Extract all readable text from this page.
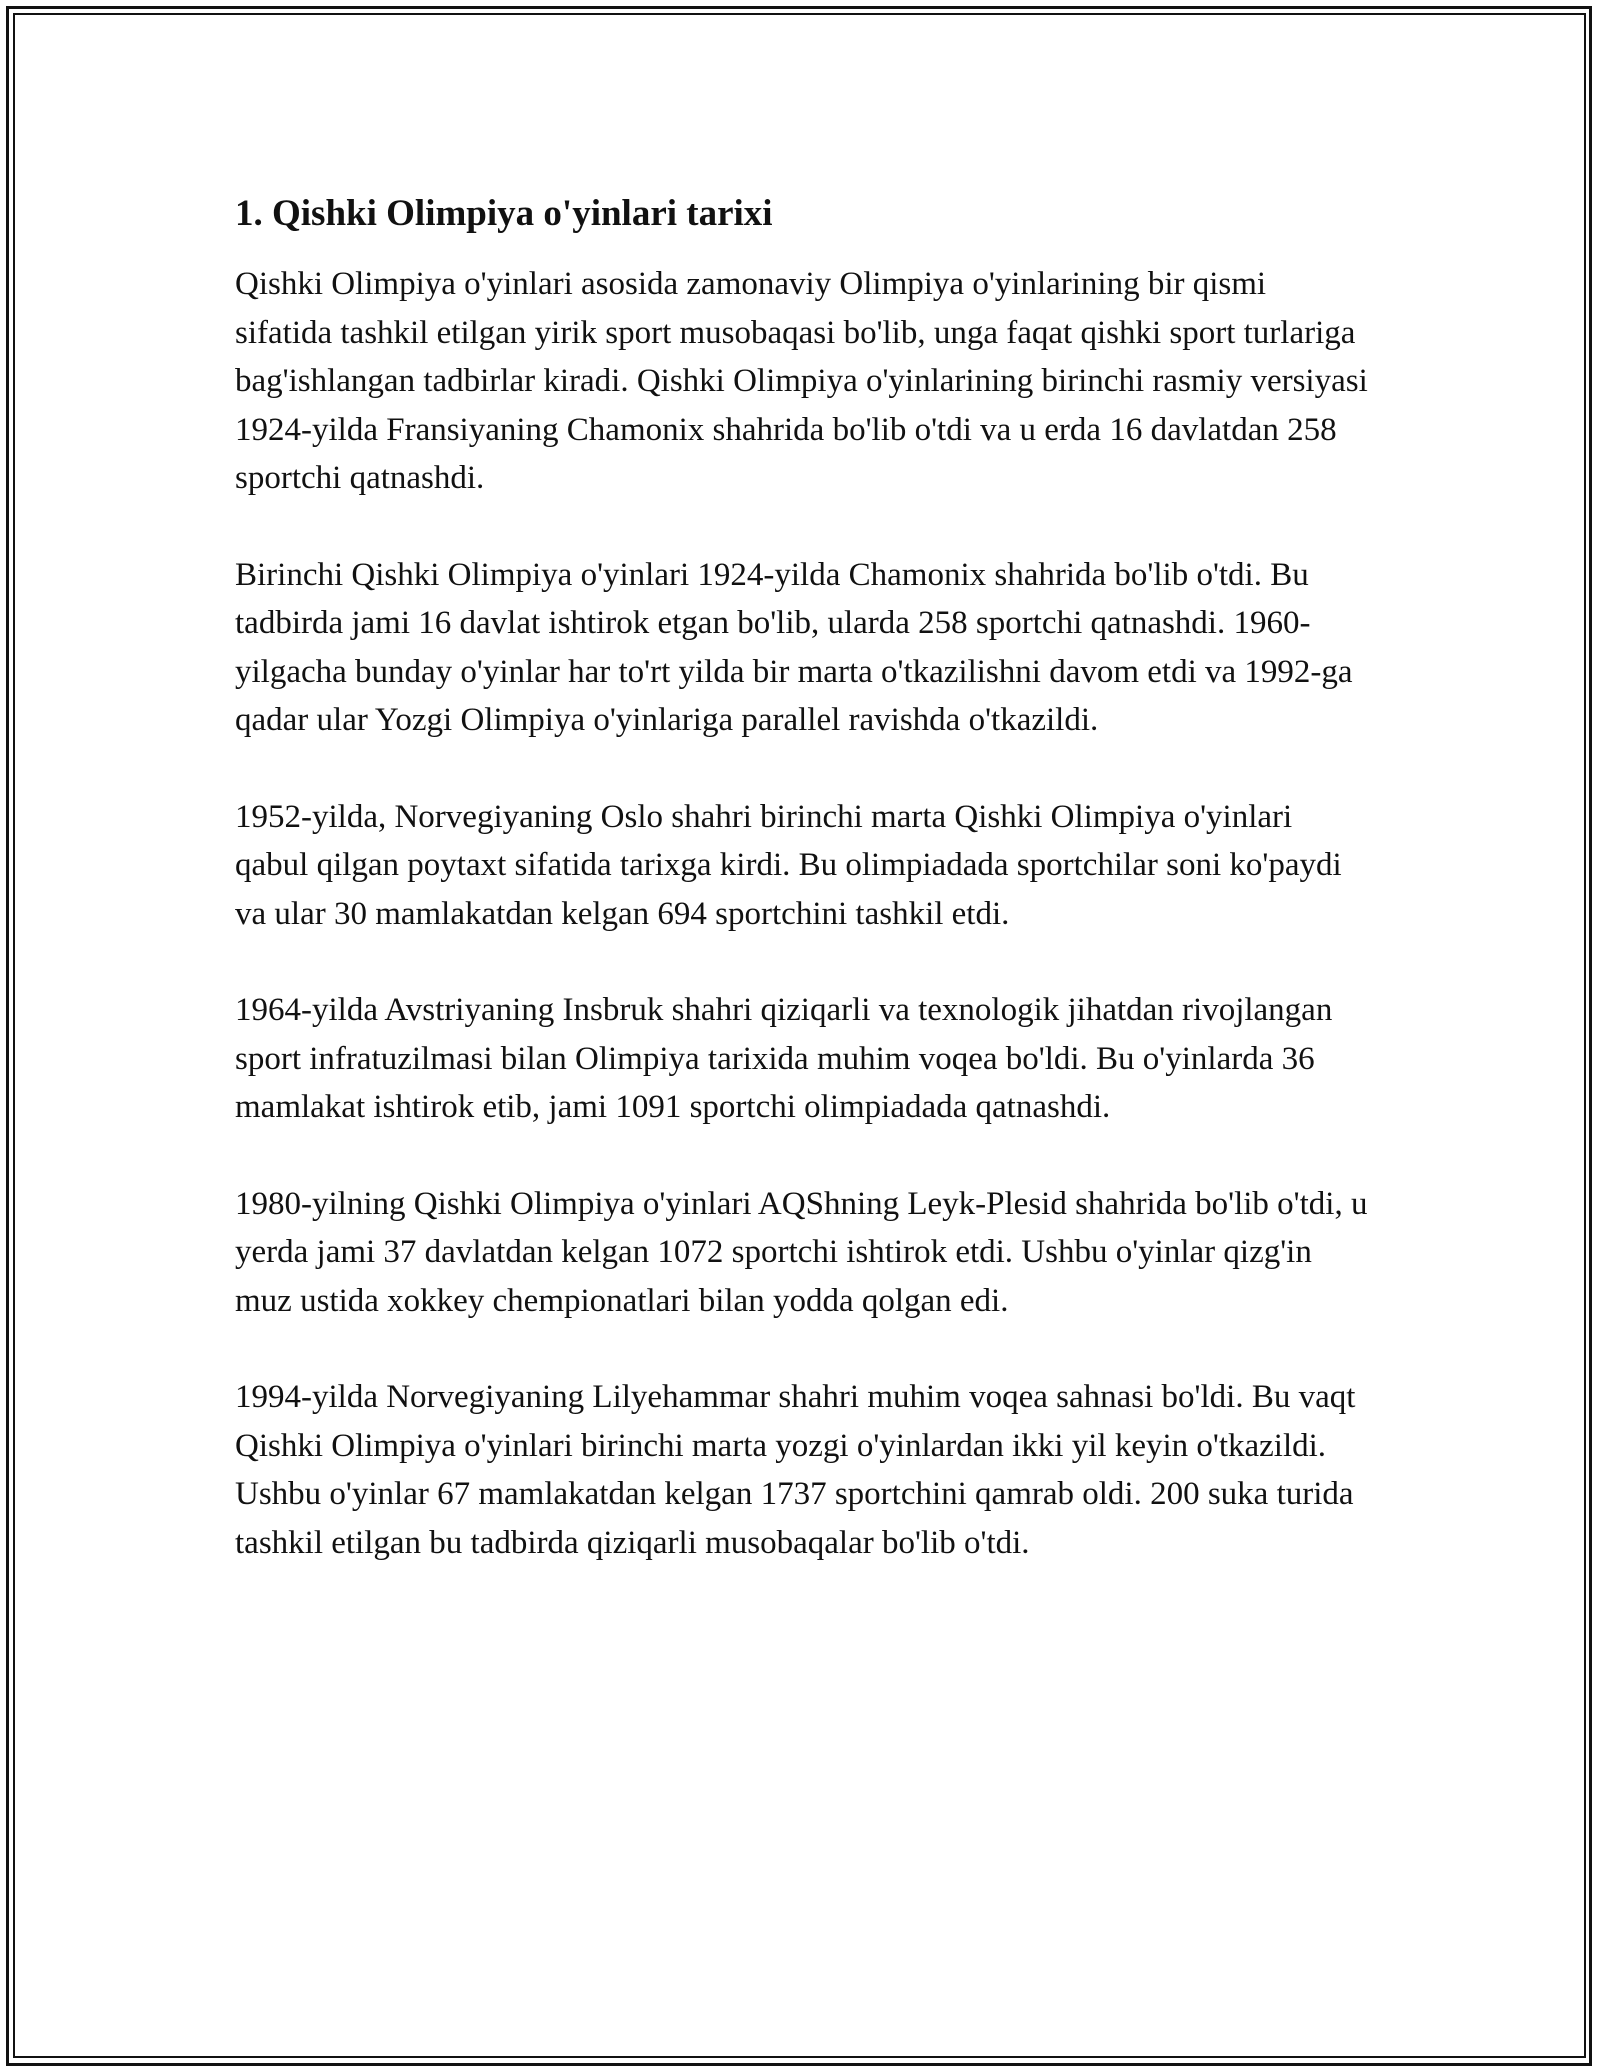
1. Qishki Olimpiya o'yinlari tarixi

Qishki Olimpiya o'yinlari asosida zamonaviy Olimpiya o'yinlarining bir qismi sifatida tashkil etilgan yirik sport musobaqasi bo'lib, unga faqat qishki sport turlariga bag'ishlangan tadbirlar kiradi. Qishki Olimpiya o'yinlarining birinchi rasmiy versiyasi 1924-yilda Fransiyaning Chamonix shahrida bo'lib o'tdi va u erda 16 davlatdan 258 sportchi qatnashdi.

Birinchi Qishki Olimpiya o'yinlari 1924-yilda Chamonix shahrida bo'lib o'tdi. Bu tadbirda jami 16 davlat ishtirok etgan bo'lib, ularda 258 sportchi qatnashdi. 1960-yilgacha bunday o'yinlar har to'rt yilda bir marta o'tkazilishni davom etdi va 1992-ga qadar ular Yozgi Olimpiya o'yinlariga parallel ravishda o'tkazildi.

1952-yilda, Norvegiyaning Oslo shahri birinchi marta Qishki Olimpiya o'yinlari qabul qilgan poytaxt sifatida tarixga kirdi. Bu olimpiadada sportchilar soni ko'paydi va ular 30 mamlakatdan kelgan 694 sportchini tashkil etdi.

1964-yilda Avstriyaning Insbruk shahri qiziqarli va texnologik jihatdan rivojlangan sport infratuzilmasi bilan Olimpiya tarixida muhim voqea bo'ldi. Bu o'yinlarda 36 mamlakat ishtirok etib, jami 1091 sportchi olimpiadada qatnashdi.

1980-yilning Qishki Olimpiya o'yinlari AQShning Leyk-Plesid shahrida bo'lib o'tdi, u yerda jami 37 davlatdan kelgan 1072 sportchi ishtirok etdi. Ushbu o'yinlar qizg'in muz ustida xokkey chempionatlari bilan yodda qolgan edi.

1994-yilda Norvegiyaning Lilyehammar shahri muhim voqea sahnasi bo'ldi. Bu vaqt Qishki Olimpiya o'yinlari birinchi marta yozgi o'yinlardan ikki yil keyin o'tkazildi. Ushbu o'yinlar 67 mamlakatdan kelgan 1737 sportchini qamrab oldi. 200 suka turida tashkil etilgan bu tadbirda qiziqarli musobaqalar bo'lib o'tdi.
